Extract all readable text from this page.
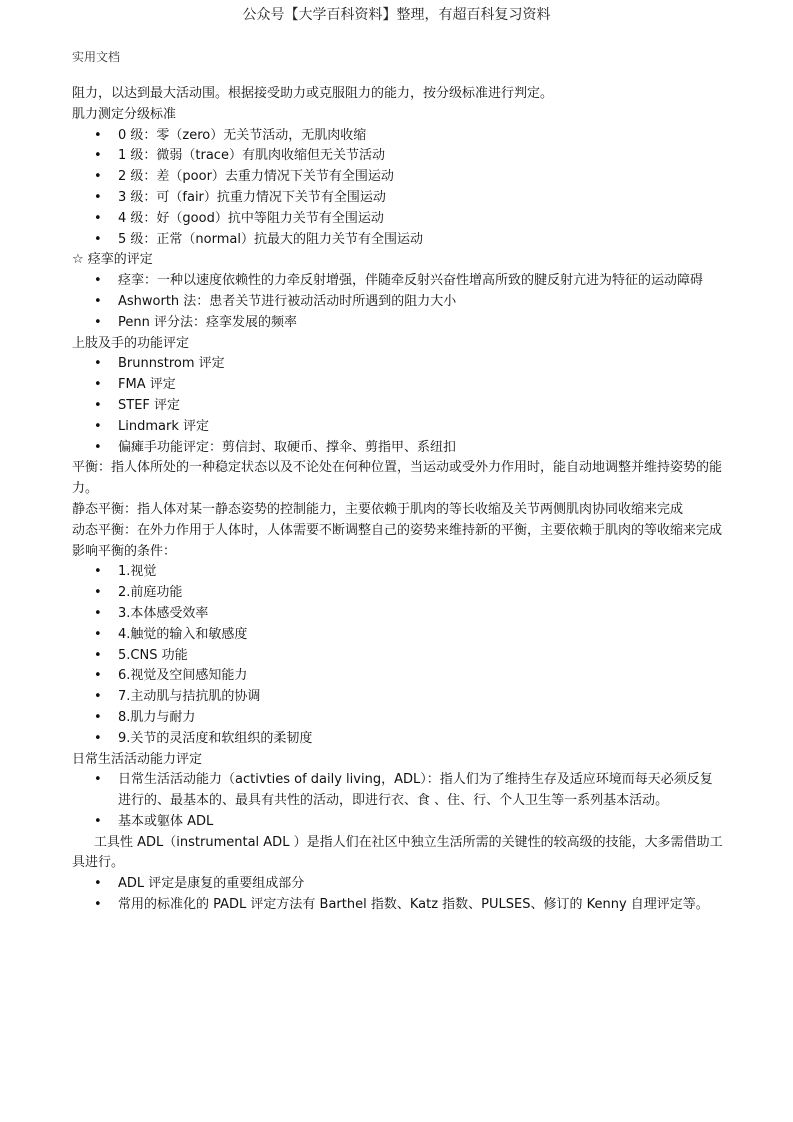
公众号【大学百科资料】整理，有超百科复习资料
实用文档

阻力，以达到最大活动围。根据接受助力或克服阻力的能力，按分级标准进行判定。

肌力测定分级标准

• 0 级：零（zero）无关节活动，无肌肉收缩
• 1 级：微弱（trace）有肌肉收缩但无关节活动
• 2 级：差（poor）去重力情况下关节有全围运动
• 3 级：可（fair）抗重力情况下关节有全围运动
• 4 级：好（good）抗中等阻力关节有全围运动
• 5 级：正常（normal）抗最大的阻力关节有全围运动

☆ 痉挛的评定

• 痉挛：一种以速度依赖性的力牵反射增强，伴随牵反射兴奋性增高所致的腱反射亢进为特征的运动障碍
• Ashworth 法：患者关节进行被动活动时所遇到的阻力大小
• Penn 评分法：痉挛发展的频率

上肢及手的功能评定

• Brunnstrom 评定
• FMA 评定
• STEF 评定
• Lindmark 评定
• 偏瘫手功能评定：剪信封、取硬币、撑伞、剪指甲、系纽扣

平衡：指人体所处的一种稳定状态以及不论处在何种位置，当运动或受外力作用时，能自动地调整并维持姿势的能力。

静态平衡：指人体对某一静态姿势的控制能力，主要依赖于肌肉的等长收缩及关节两侧肌肉协同收缩来完成

动态平衡：在外力作用于人体时，人体需要不断调整自己的姿势来维持新的平衡，主要依赖于肌肉的等收缩来完成

影响平衡的条件：

• 1.视觉
• 2.前庭功能
• 3.本体感受效率
• 4.触觉的输入和敏感度
• 5.CNS 功能
• 6.视觉及空间感知能力
• 7.主动肌与拮抗肌的协调
• 8.肌力与耐力
• 9.关节的灵活度和软组织的柔韧度

日常生活活动能力评定

• 日常生活活动能力（activties of daily living，ADL）：指人们为了维持生存及适应环境而每天必须反复进行的、最基本的、最具有共性的活动，即进行衣、食 、住、行、个人卫生等一系列基本活动。
• 基本或躯体 ADL

工具性 ADL（instrumental ADL ）是指人们在社区中独立生活所需的关键性的较高级的技能，大多需借助工具进行。

• ADL 评定是康复的重要组成部分
• 常用的标准化的 PADL 评定方法有 Barthel 指数、Katz 指数、PULSES、修订的 Kenny 自理评定等。
